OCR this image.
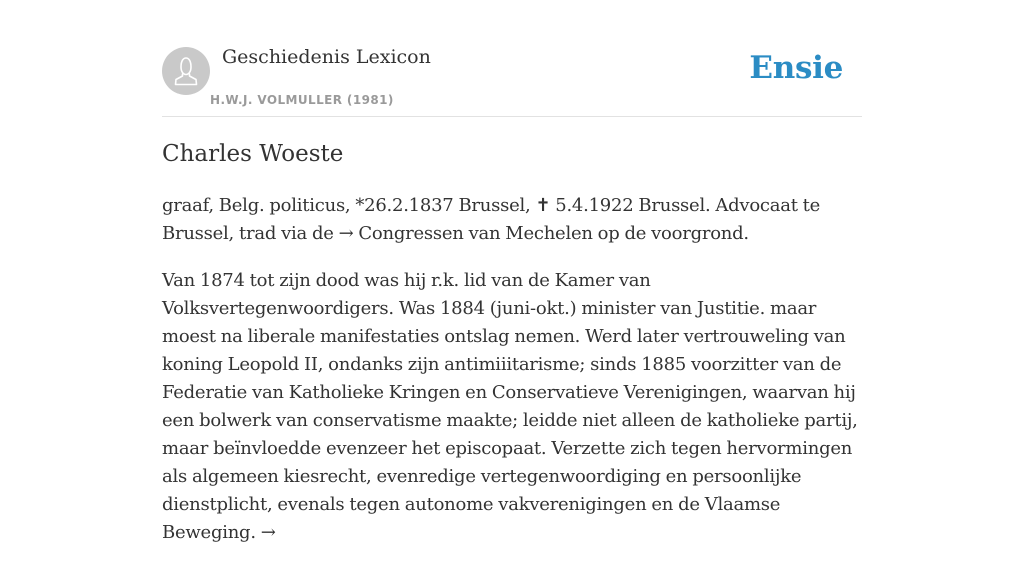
Geschiedenis Lexicon
H.W.J. VOLMULLER (1981)
Ensie
Charles Woeste

graaf, Belg. politicus, *26.2.1837 Brussel, ✝ 5.4.1922 Brussel. Advocaat te Brussel, trad via de → Congressen van Mechelen op de voorgrond.

Van 1874 tot zijn dood was hij r.k. lid van de Kamer van Volksvertegenwoordigers. Was 1884 (juni-okt.) minister van Justitie. maar moest na liberale manifestaties ontslag nemen. Werd later vertrouweling van koning Leopold II, ondanks zijn antimiiitarisme; sinds 1885 voorzitter van de Federatie van Katholieke Kringen en Conservatieve Verenigingen, waarvan hij een bolwerk van conservatisme maakte; leidde niet alleen de katholieke partij, maar beïnvloedde evenzeer het episcopaat. Verzette zich tegen hervormingen als algemeen kiesrecht, evenredige vertegenwoordiging en persoonlijke dienstplicht, evenals tegen autonome vakverenigingen en de Vlaamse Beweging. →
